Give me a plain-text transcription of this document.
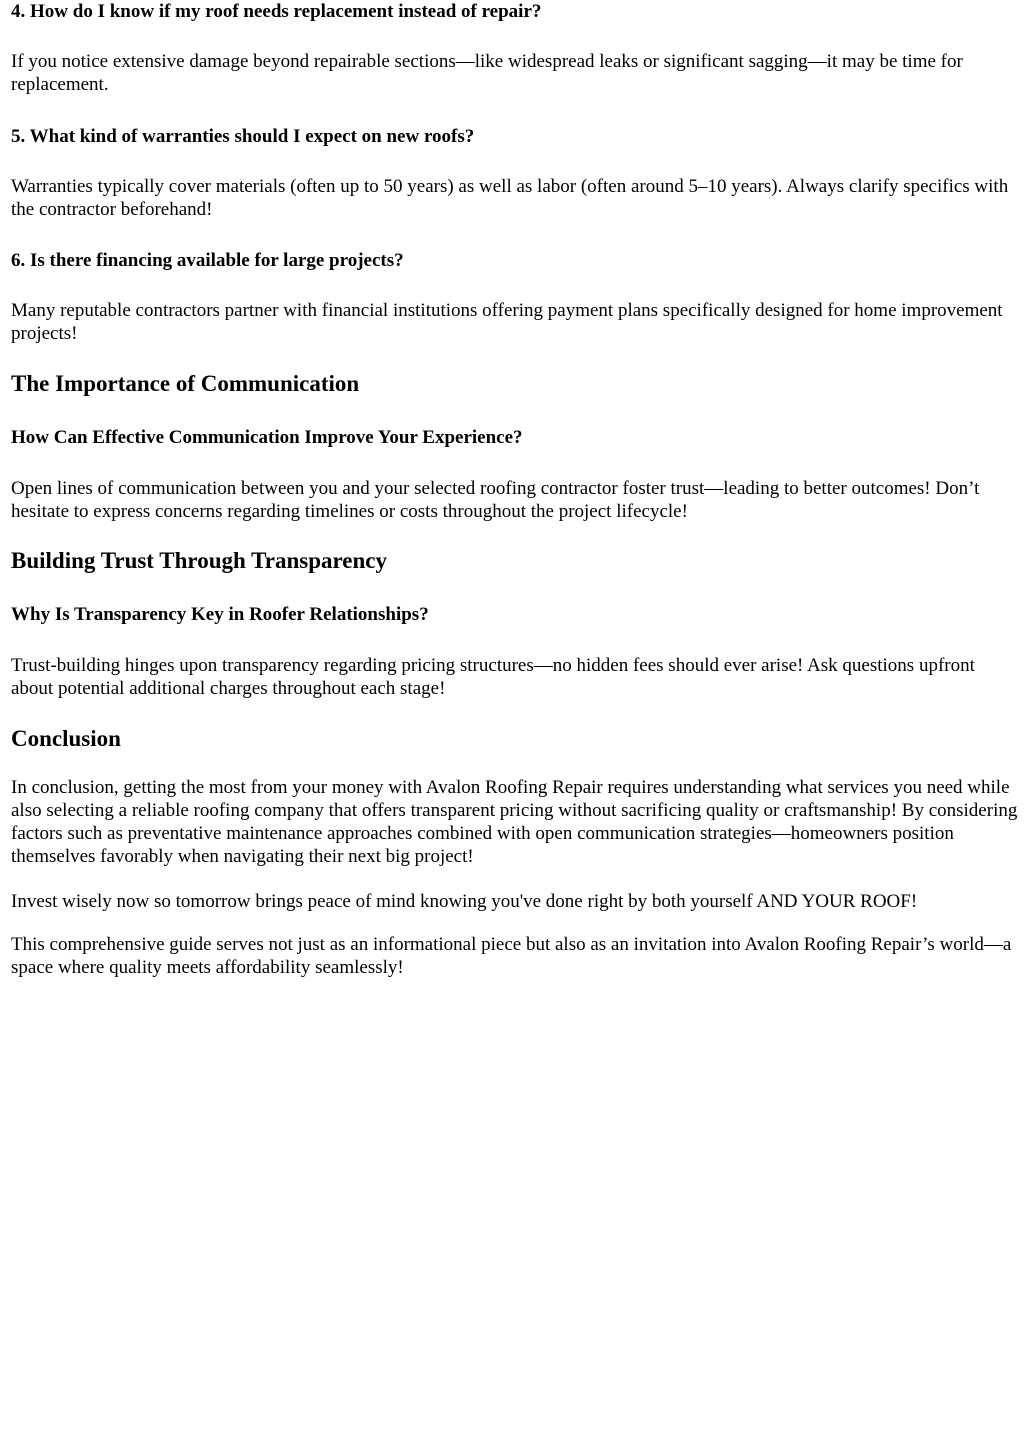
4. How do I know if my roof needs replacement instead of repair?

If you notice extensive damage beyond repairable sections—like widespread leaks or significant sagging—it may be time for replacement.

5. What kind of warranties should I expect on new roofs?

Warranties typically cover materials (often up to 50 years) as well as labor (often around 5–10 years). Always clarify specifics with the contractor beforehand!

6. Is there financing available for large projects?

Many reputable contractors partner with financial institutions offering payment plans specifically designed for home improvement projects!

The Importance of Communication
How Can Effective Communication Improve Your Experience?

Open lines of communication between you and your selected roofing contractor foster trust—leading to better outcomes! Don’t hesitate to express concerns regarding timelines or costs throughout the project lifecycle!

Building Trust Through Transparency
Why Is Transparency Key in Roofer Relationships?

Trust-building hinges upon transparency regarding pricing structures—no hidden fees should ever arise! Ask questions upfront about potential additional charges throughout each stage!

Conclusion

In conclusion, getting the most from your money with Avalon Roofing Repair requires understanding what services you need while also selecting a reliable roofing company that offers transparent pricing without sacrificing quality or craftsmanship! By considering factors such as preventative maintenance approaches combined with open communication strategies—homeowners position themselves favorably when navigating their next big project!

Invest wisely now so tomorrow brings peace of mind knowing you've done right by both yourself AND YOUR ROOF!

This comprehensive guide serves not just as an informational piece but also as an invitation into Avalon Roofing Repair’s world—a space where quality meets affordability seamlessly!
